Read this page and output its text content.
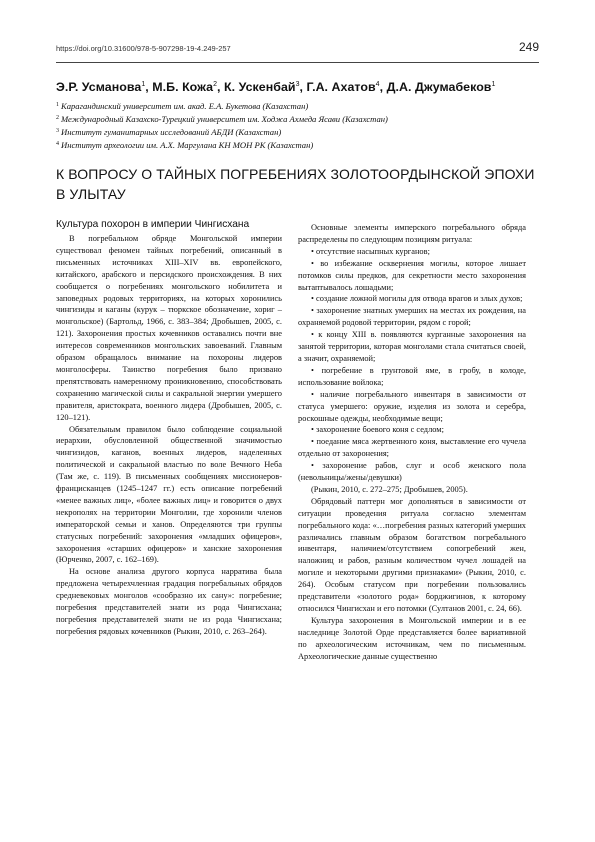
https://doi.org/10.31600/978-5-907298-19-4.249-257	249
Э.Р. Усманова$^1$, М.Б. Кожа$^2$, К. Ускенбай$^3$, Г.А. Ахатов$^4$, Д.А. Джумабеков$^1$
$^1$ Карагандинский университет им. акад. Е.А. Букетова (Казахстан)
$^2$ Международный Казахско-Турецкий университет им. Ходжа Ахмеда Ясави (Казахстан)
$^3$ Институт гуманитарных исследований АБДИ (Казахстан)
$^4$ Институт археологии им. А.Х. Маргулана КН МОН РК (Казахстан)
К ВОПРОСУ О ТАЙНЫХ ПОГРЕБЕНИЯХ ЗОЛОТООРДЫНСКОЙ ЭПОХИ В УЛЫТАУ
Культура похорон в империи Чингисхана

В погребальном обряде Монгольской империи существовал феномен тайных погребений, описанный в письменных источниках XIII–XIV вв. европейского, китайского, арабского и персидского происхождения. В них сообщается о погребениях монгольского нобилитета и заповедных родовых территориях, на которых хоронились чингизиды и каганы (курук – тюркское обозначение, хориг – монгольское) (Бартольд, 1966, с. 383–384; Дробышев, 2005, с. 121). Захоронения простых кочевников оставались почти вне интересов современников монгольских завоеваний. Главным образом обращалось внимание на похороны лидеров монголосферы. Таинство погребения было призвано препятствовать намеренному проникновению, способствовать сохранению магической силы и сакральной энергии умершего правителя, аристократа, военного лидера (Дробышев, 2005, с. 120–121).

Обязательным правилом было соблюдение социальной иерархии, обусловленной общественной значимостью чингизидов, каганов, военных лидеров, наделенных политической и сакральной властью по воле Вечного Неба (Там же, с. 119). В письменных сообщениях миссионеров-францисканцев (1245–1247 гг.) есть описание погребений «менее важных лиц», «более важных лиц» и говорится о двух некрополях на территории Монголии, где хоронили членов императорской семьи и ханов. Определяются три группы статусных погребений: захоронения «младших офицеров», захоронения «старших офицеров» и ханские захоронения (Юрченко, 2007, с. 162–169).

На основе анализа другого корпуса нарратива была предложена четырехчленная градация погребальных обрядов средневековых монголов «сообразно их сану»: погребение; погребения представителей знати из рода Чингисхана; погребения представителей знати не из рода Чингисхана; погребения рядовых кочевников (Рыкин, 2010, с. 263–264).

Основные элементы имперского погребального обряда распределены по следующим позициям ритуала:

• отсутствие насыпных курганов;

• во избежание осквернения могилы, которое лишает потомков силы предков, для секретности место захоронения вытаптывалось лошадьми;

• создание ложной могилы для отвода врагов и злых духов;

• захоронение знатных умерших на местах их рождения, на охраняемой родовой территории, рядом с горой;

• к концу XIII в. появляются курганные захоронения на занятой территории, которая монголами стала считаться своей, а значит, охраняемой;

• погребение в грунтовой яме, в гробу, в колоде, использование войлока;

• наличие погребального инвентаря в зависимости от статуса умершего: оружие, изделия из золота и серебра, роскошные одежды, необходимые вещи;

• захоронение боевого коня с седлом;

• поедание мяса жертвенного коня, выставление его чучела отдельно от захоронения;

• захоронение рабов, слуг и особ женского пола (невольницы/жены/девушки)

(Рыкин, 2010, с. 272–275; Дробышев, 2005).

Обрядовый паттерн мог дополняться в зависимости от ситуации проведения ритуала согласно элементам погребального кода: «…погребения разных категорий умерших различались главным образом богатством погребального инвентаря, наличием/отсутствием сопогребений жен, наложниц и рабов, разным количеством чучел лошадей на могиле и некоторыми другими признаками» (Рыкин, 2010, с. 264). Особым статусом при погребении пользовались представители «золотого рода» борджигинов, к которому относился Чингисхан и его потомки (Султанов 2001, с. 24, 66).

Культура захоронения в Монгольской империи и в ее наследнице Золотой Орде представляется более вариативной по археологическим источникам, чем по письменным. Археологические данные существенно
